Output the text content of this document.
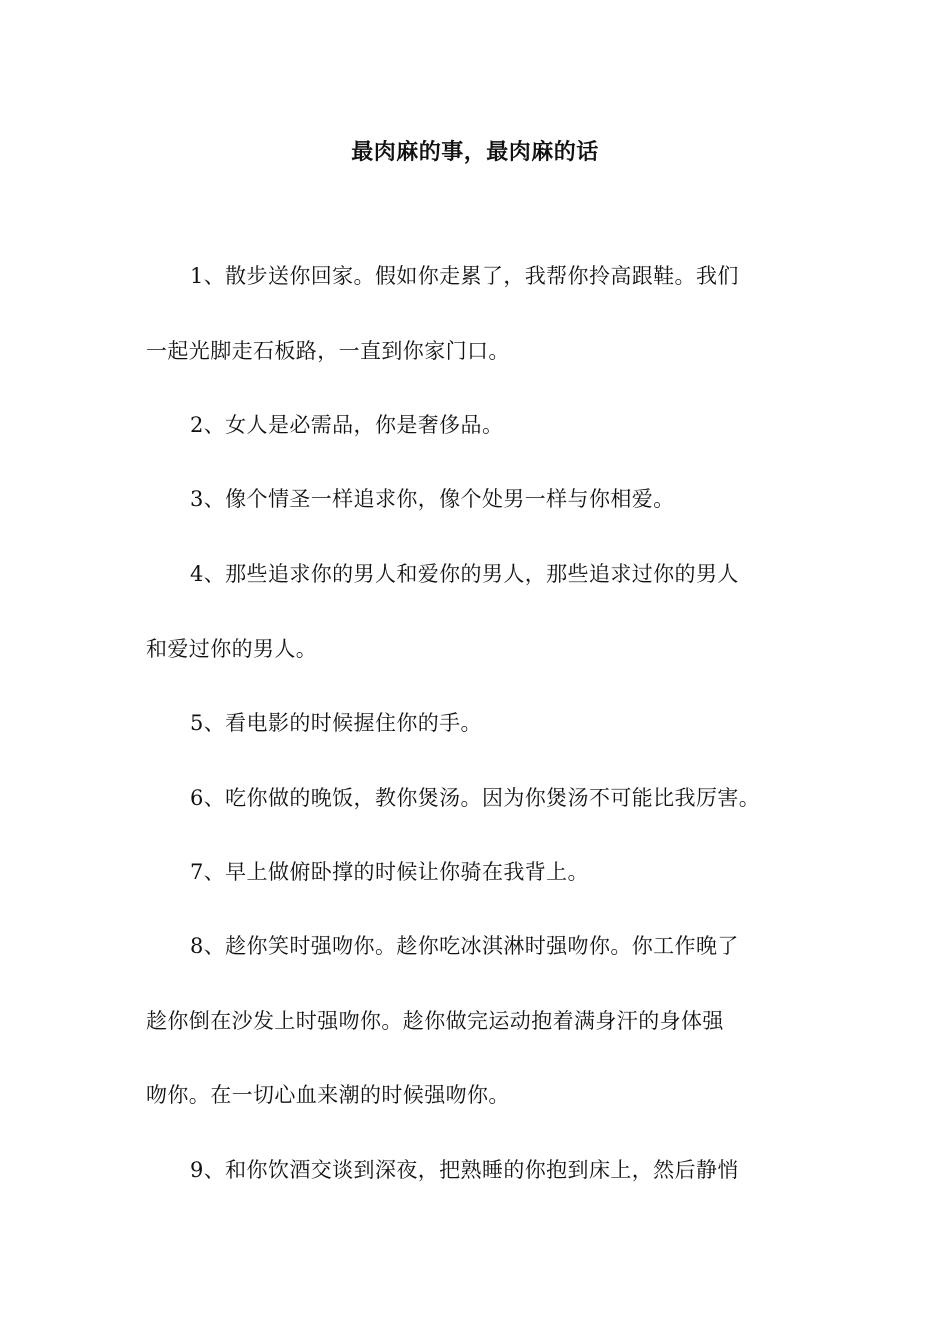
最肉麻的事，最肉麻的话
1、散步送你回家。假如你走累了，我帮你拎高跟鞋。我们
一起光脚走石板路，一直到你家门口。
2、女人是必需品，你是奢侈品。
3、像个情圣一样追求你，像个处男一样与你相爱。
4、那些追求你的男人和爱你的男人，那些追求过你的男人
和爱过你的男人。
5、看电影的时候握住你的手。
6、吃你做的晚饭，教你煲汤。因为你煲汤不可能比我厉害。
7、早上做俯卧撑的时候让你骑在我背上。
8、趁你笑时强吻你。趁你吃冰淇淋时强吻你。你工作晚了
趁你倒在沙发上时强吻你。趁你做完运动抱着满身汗的身体强
吻你。在一切心血来潮的时候强吻你。
9、和你饮酒交谈到深夜，把熟睡的你抱到床上，然后静悄
